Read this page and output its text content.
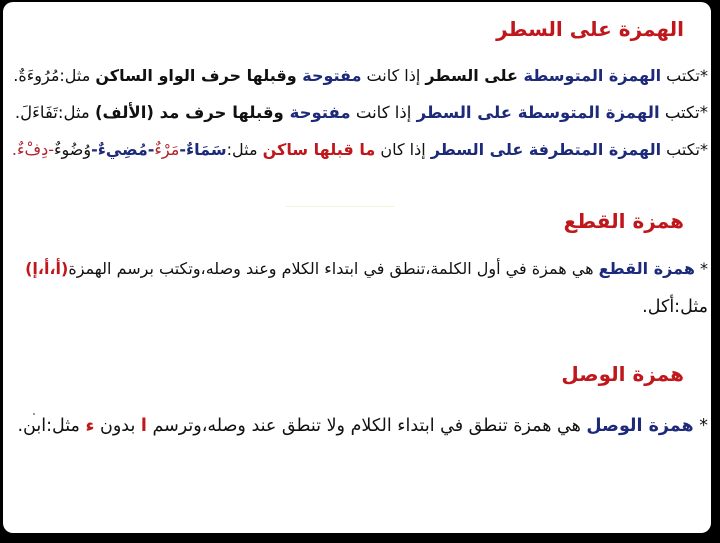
الهمزة على السطر
*تكتب الهمزة المتوسطة على السطر إذا كانت مفتوحة وقبلها حرف الواو الساكن مثل:مُرُوءَةٌ.
*تكتب الهمزة المتوسطة على السطر إذا كانت مفتوحة وقبلها حرف مد (الألف) مثل:تَفَاءَلَ.
*تكتب الهمزة المتطرفة على السطر إذا كان ما قبلها ساكن مثل:سَمَاءٌ-مَرْءٌ-مُضِيءٌ-وُضُوءٌ-دِفْءٌ.
همزة القطع
* همزة القطع هي همزة في أول الكلمة،تنطق في ابتداء الكلام وعند وصله،وتكتب برسم الهمزة(أ،أ،إ)
مثل:أكل.
همزة الوصل
* همزة الوصل هي همزة تنطق في ابتداء الكلام ولا تنطق عند وصله،وترسم ا بدون ء مثل:ابن.
